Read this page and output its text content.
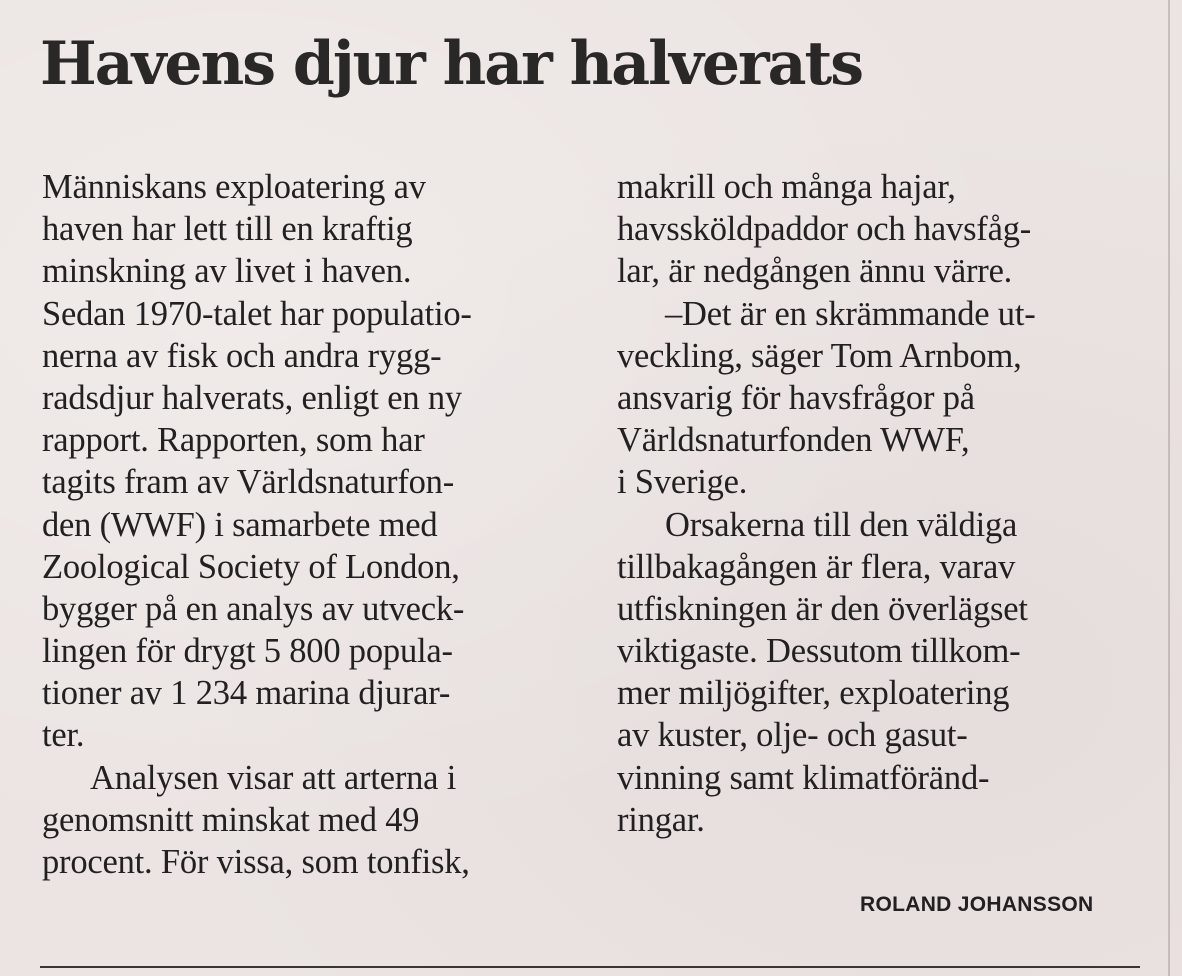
Havens djur har halverats
Människans exploatering av
haven har lett till en kraftig
minskning av livet i haven.
Sedan 1970-talet har populatio-
nerna av fisk och andra rygg-
radsdjur halverats, enligt en ny
rapport. Rapporten, som har
tagits fram av Världsnaturfon-
den (WWF) i samarbete med
Zoological Society of London,
bygger på en analys av utveck-
lingen för drygt 5 800 popula-
tioner av 1 234 marina djurar-
ter.
Analysen visar att arterna i
genomsnitt minskat med 49
procent. För vissa, som tonfisk,
makrill och många hajar,
havssköldpaddor och havsfåg-
lar, är nedgången ännu värre.
–Det är en skrämmande ut-
veckling, säger Tom Arnbom,
ansvarig för havsfrågor på
Världsnaturfonden WWF,
i Sverige.
Orsakerna till den väldiga
tillbakagången är flera, varav
utfiskningen är den överlägset
viktigaste. Dessutom tillkom-
mer miljögifter, exploatering
av kuster, olje- och gasut-
vinning samt klimatföränd-
ringar.
ROLAND JOHANSSON
